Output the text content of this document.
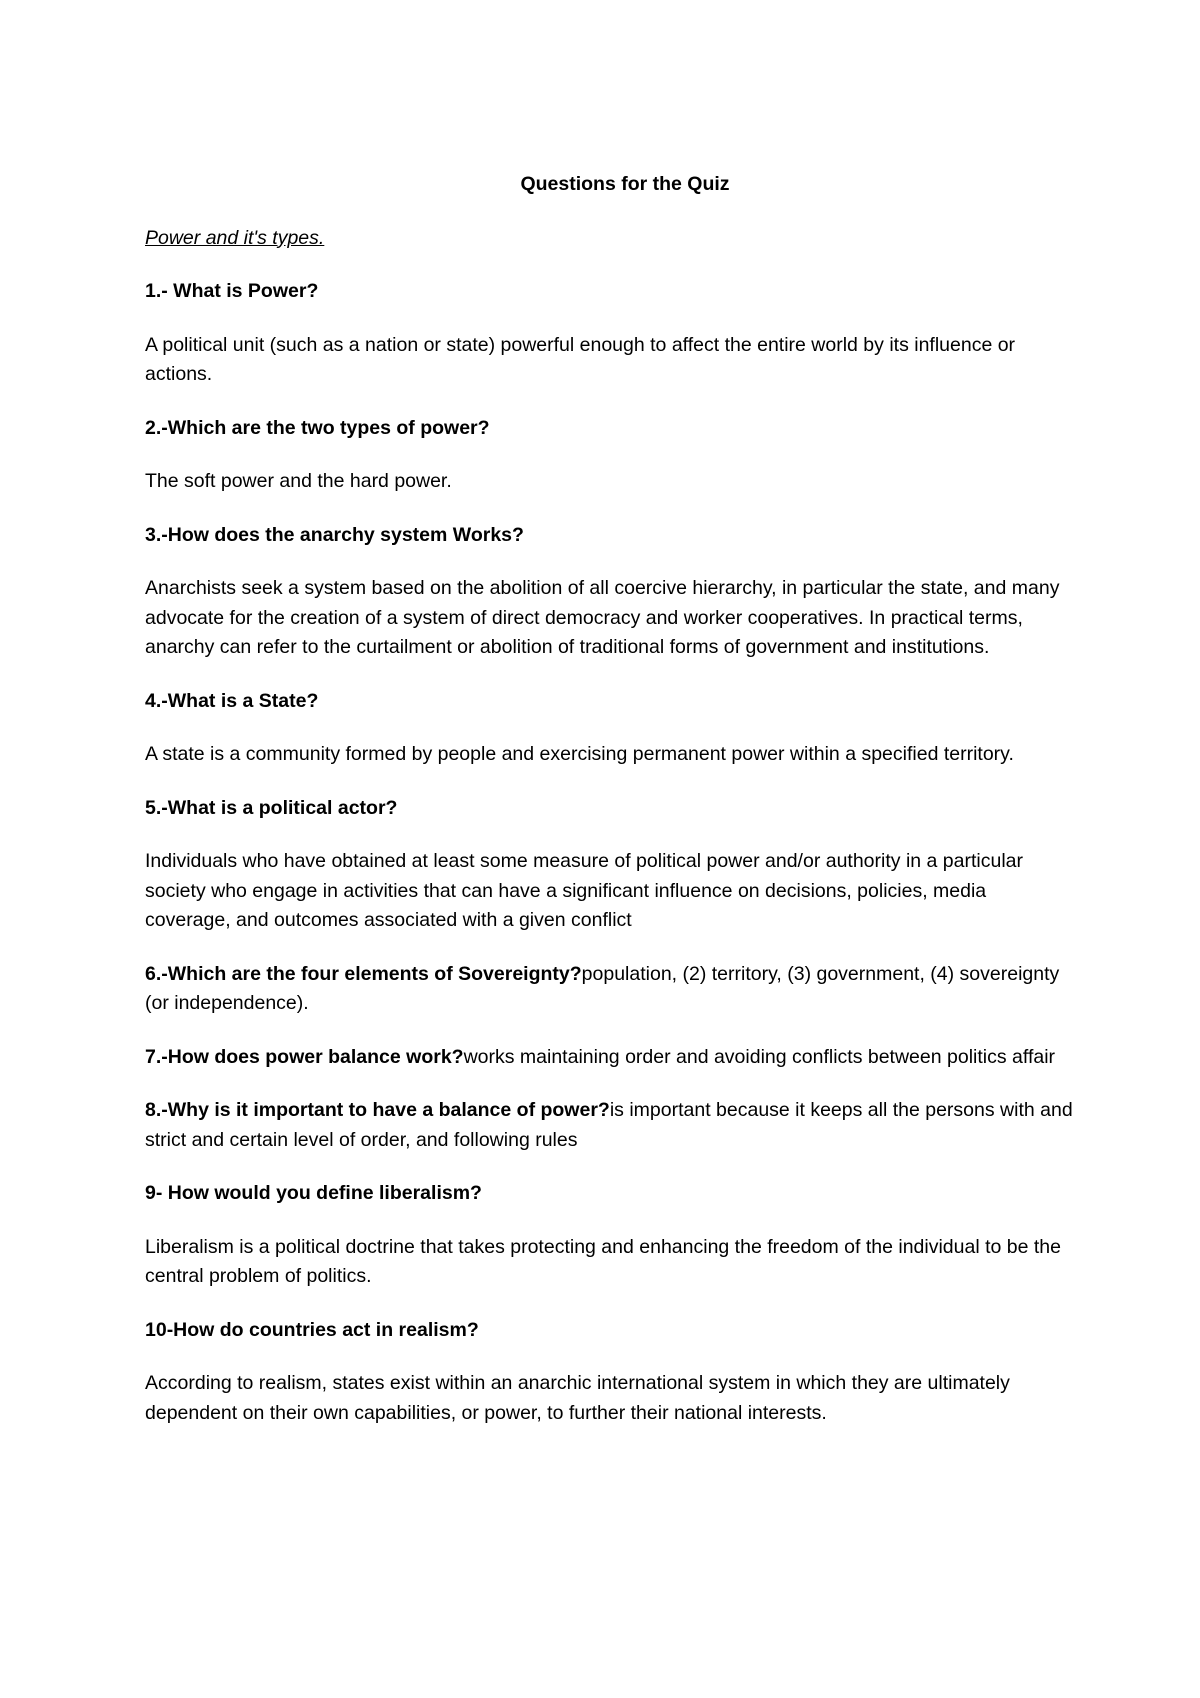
Questions for the Quiz

Power and it's types.

1.- What is Power?

A political unit (such as a nation or state) powerful enough to affect the entire world by its influence or actions.

2.-Which are the two types of power?

The soft power and the hard power.

3.-How does the anarchy system Works?

Anarchists seek a system based on the abolition of all coercive hierarchy, in particular the state, and many advocate for the creation of a system of direct democracy and worker cooperatives. In practical terms, anarchy can refer to the curtailment or abolition of traditional forms of government and institutions.

4.-What is a State?

A state is a community formed by people and exercising permanent power within a specified territory.

5.-What is a political actor?

Individuals who have obtained at least some measure of political power and/or authority in a particular society who engage in activities that can have a significant influence on decisions, policies, media coverage, and outcomes associated with a given conflict

6.-Which are the four elements of Sovereignty?population, (2) territory, (3) government, (4) sovereignty (or independence).

7.-How does power balance work?works maintaining order and avoiding conflicts between politics affair

8.-Why is it important to have a balance of power?is important because it keeps all the persons with and strict and certain level of order, and following rules

9- How would you define liberalism?

Liberalism is a political doctrine that takes protecting and enhancing the freedom of the individual to be the central problem of politics.

10-How do countries act in realism?

According to realism, states exist within an anarchic international system in which they are ultimately dependent on their own capabilities, or power, to further their national interests.
